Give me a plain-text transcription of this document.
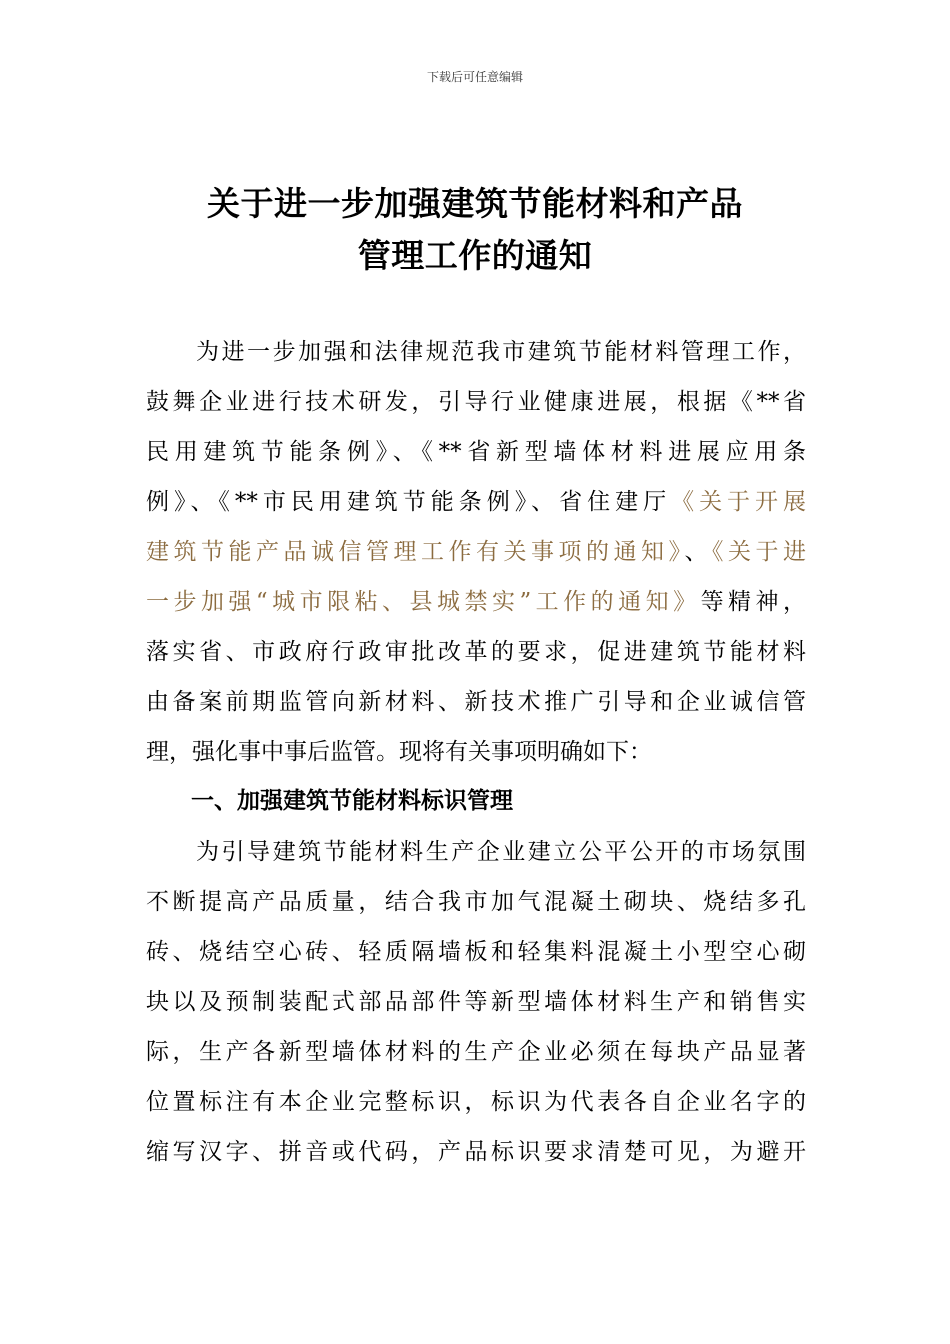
下载后可任意编辑
关于进一步加强建筑节能材料和产品
管理工作的通知
为进一步加强和法律规范我市建筑节能材料管理工作，
鼓舞企业进行技术研发，引导行业健康进展，根据《**省
民用建筑节能条例》、《**省新型墙体材料进展应用条
例》、《**市民用建筑节能条例》、省住建厅《关于开展
建筑节能产品诚信管理工作有关事项的通知》、《关于进
一步加强“城市限粘、县城禁实”工作的通知》等精神，
落实省、市政府行政审批改革的要求，促进建筑节能材料
由备案前期监管向新材料、新技术推广引导和企业诚信管
理，强化事中事后监管。现将有关事项明确如下：
一、加强建筑节能材料标识管理
为引导建筑节能材料生产企业建立公平公开的市场氛围
不断提高产品质量，结合我市加气混凝土砌块、烧结多孔
砖、烧结空心砖、轻质隔墙板和轻集料混凝土小型空心砌
块以及预制装配式部品部件等新型墙体材料生产和销售实
际，生产各新型墙体材料的生产企业必须在每块产品显著
位置标注有本企业完整标识，标识为代表各自企业名字的
缩写汉字、拼音或代码，产品标识要求清楚可见，为避开
